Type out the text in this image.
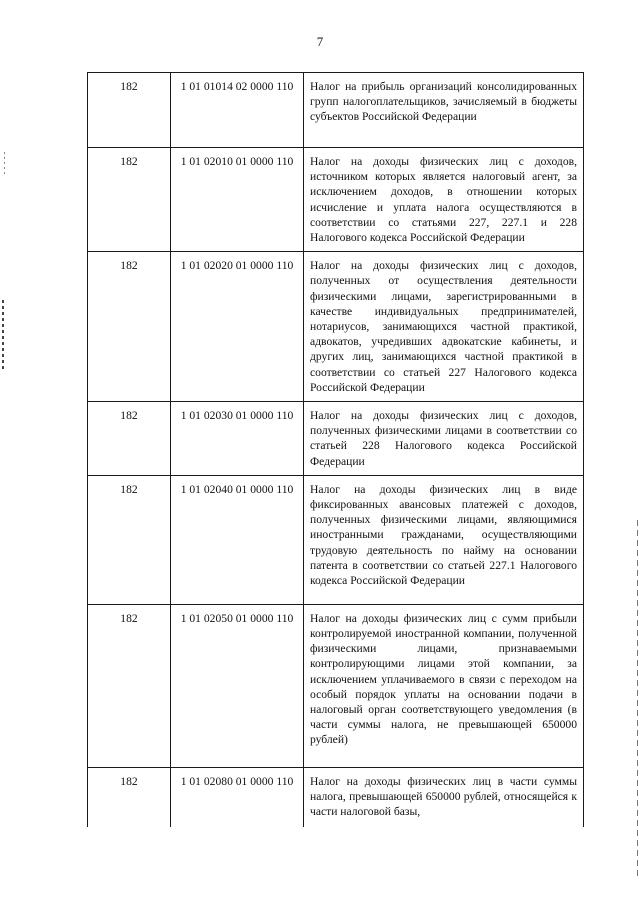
7
182	1 01 01014 02 0000 110	Налог на прибыль организаций консолидированных групп налогоплательщиков, зачисляемый в бюджеты субъектов Российской Федерации

182	1 01 02010 01 0000 110	Налог на доходы физических лиц с доходов, источником которых является налоговый агент, за исключением доходов, в отношении которых исчисление и уплата налога осуществляются в соответствии со статьями 227, 227.1 и 228 Налогового кодекса Российской Федерации

182	1 01 02020 01 0000 110	Налог на доходы физических лиц с доходов, полученных от осуществления деятельности физическими лицами, зарегистрированными в качестве индивидуальных предпринимателей, нотариусов, занимающихся частной практикой, адвокатов, учредивших адвокатские кабинеты, и других лиц, занимающихся частной практикой в соответствии со статьей 227 Налогового кодекса Российской Федерации

182	1 01 02030 01 0000 110	Налог на доходы физических лиц с доходов, полученных физическими лицами в соответствии со статьей 228 Налогового кодекса Российской Федерации

182	1 01 02040 01 0000 110	Налог на доходы физических лиц в виде фиксированных авансовых платежей с доходов, полученных физическими лицами, являющимися иностранными гражданами, осуществляющими трудовую деятельность по найму на основании патента в соответствии со статьей 227.1 Налогового кодекса Российской Федерации

182	1 01 02050 01 0000 110	Налог на доходы физических лиц с сумм прибыли контролируемой иностранной компании, полученной физическими лицами, признаваемыми контролирующими лицами этой компании, за исключением уплачиваемого в связи с переходом на особый порядок уплаты на основании подачи в налоговый орган соответствующего уведомления (в части суммы налога, не превышающей 650000 рублей)

182	1 01 02080 01 0000 110	Налог на доходы физических лиц в части суммы налога, превышающей 650000 рублей, относящейся к части налоговой базы,
